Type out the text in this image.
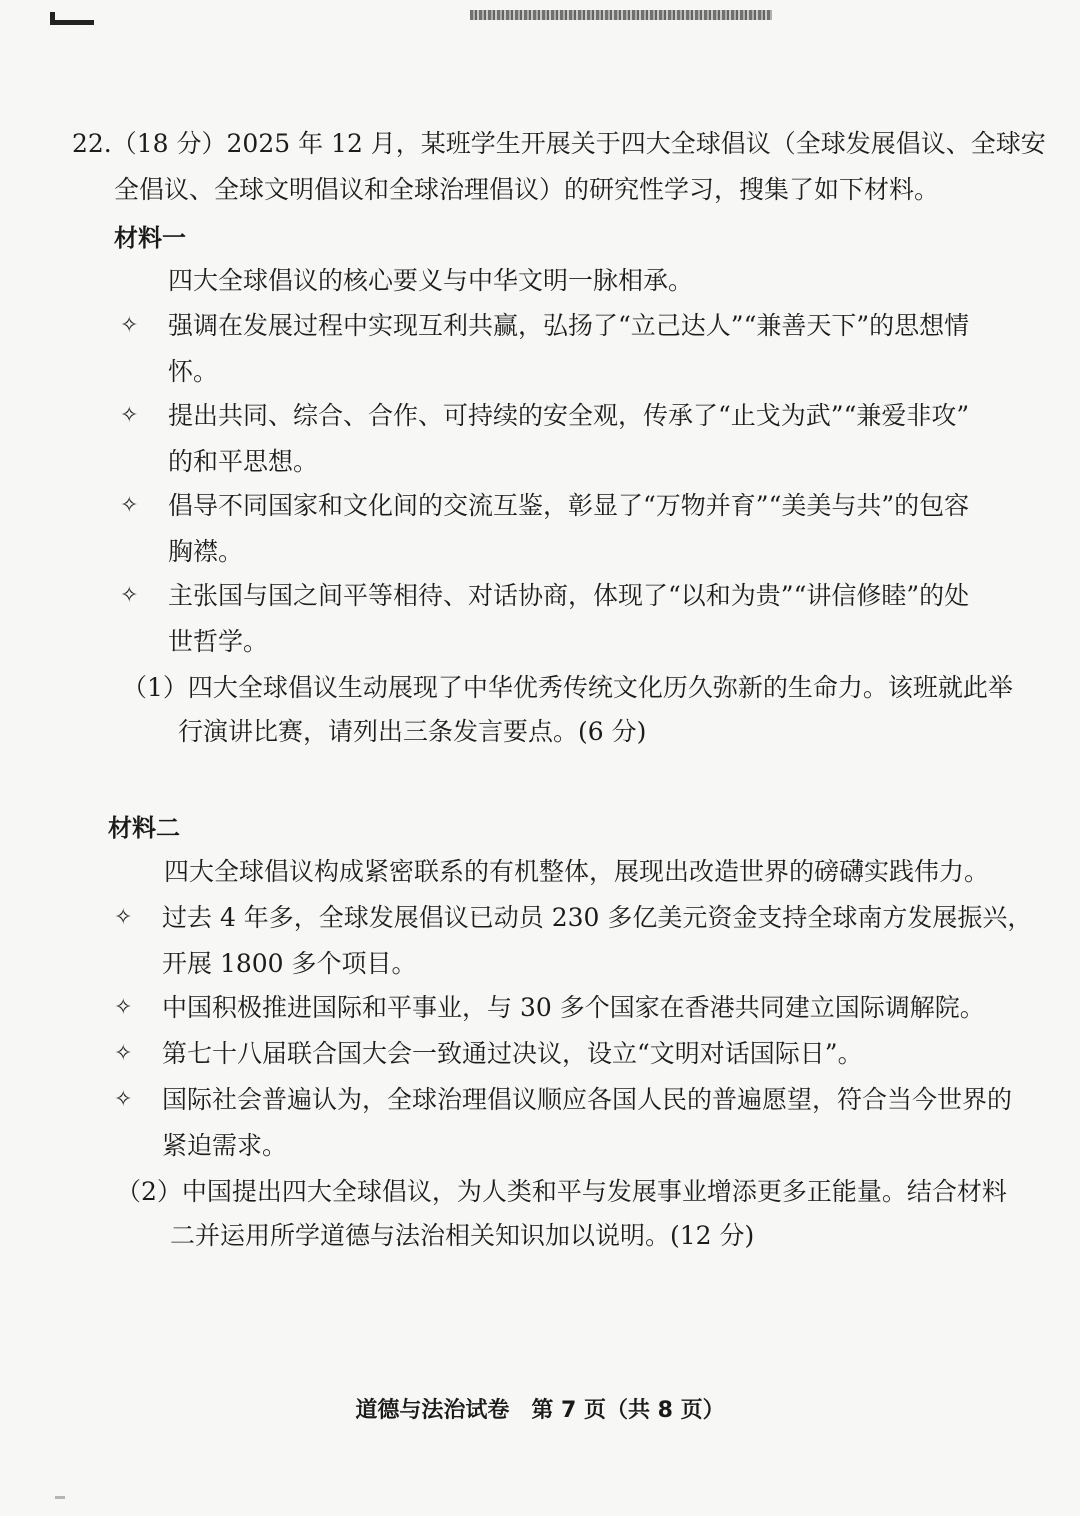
22.（18 分）2025 年 12 月，某班学生开展关于四大全球倡议（全球发展倡议、全球安
全倡议、全球文明倡议和全球治理倡议）的研究性学习，搜集了如下材料。
材料一
四大全球倡议的核心要义与中华文明一脉相承。
✧ 强调在发展过程中实现互利共赢，弘扬了“立己达人”“兼善天下”的思想情
怀。
✧ 提出共同、综合、合作、可持续的安全观，传承了“止戈为武”“兼爱非攻”
的和平思想。
✧ 倡导不同国家和文化间的交流互鉴，彰显了“万物并育”“美美与共”的包容
胸襟。
✧ 主张国与国之间平等相待、对话协商，体现了“以和为贵”“讲信修睦”的处
世哲学。
（1）四大全球倡议生动展现了中华优秀传统文化历久弥新的生命力。该班就此举
行演讲比赛，请列出三条发言要点。(6 分)
材料二
四大全球倡议构成紧密联系的有机整体，展现出改造世界的磅礴实践伟力。
✧ 过去 4 年多，全球发展倡议已动员 230 多亿美元资金支持全球南方发展振兴，
开展 1800 多个项目。
✧ 中国积极推进国际和平事业，与 30 多个国家在香港共同建立国际调解院。
✧ 第七十八届联合国大会一致通过决议，设立“文明对话国际日”。
✧ 国际社会普遍认为，全球治理倡议顺应各国人民的普遍愿望，符合当今世界的
紧迫需求。
（2）中国提出四大全球倡议，为人类和平与发展事业增添更多正能量。结合材料
二并运用所学道德与法治相关知识加以说明。(12 分)
道德与法治试卷　第 7 页（共 8 页）
